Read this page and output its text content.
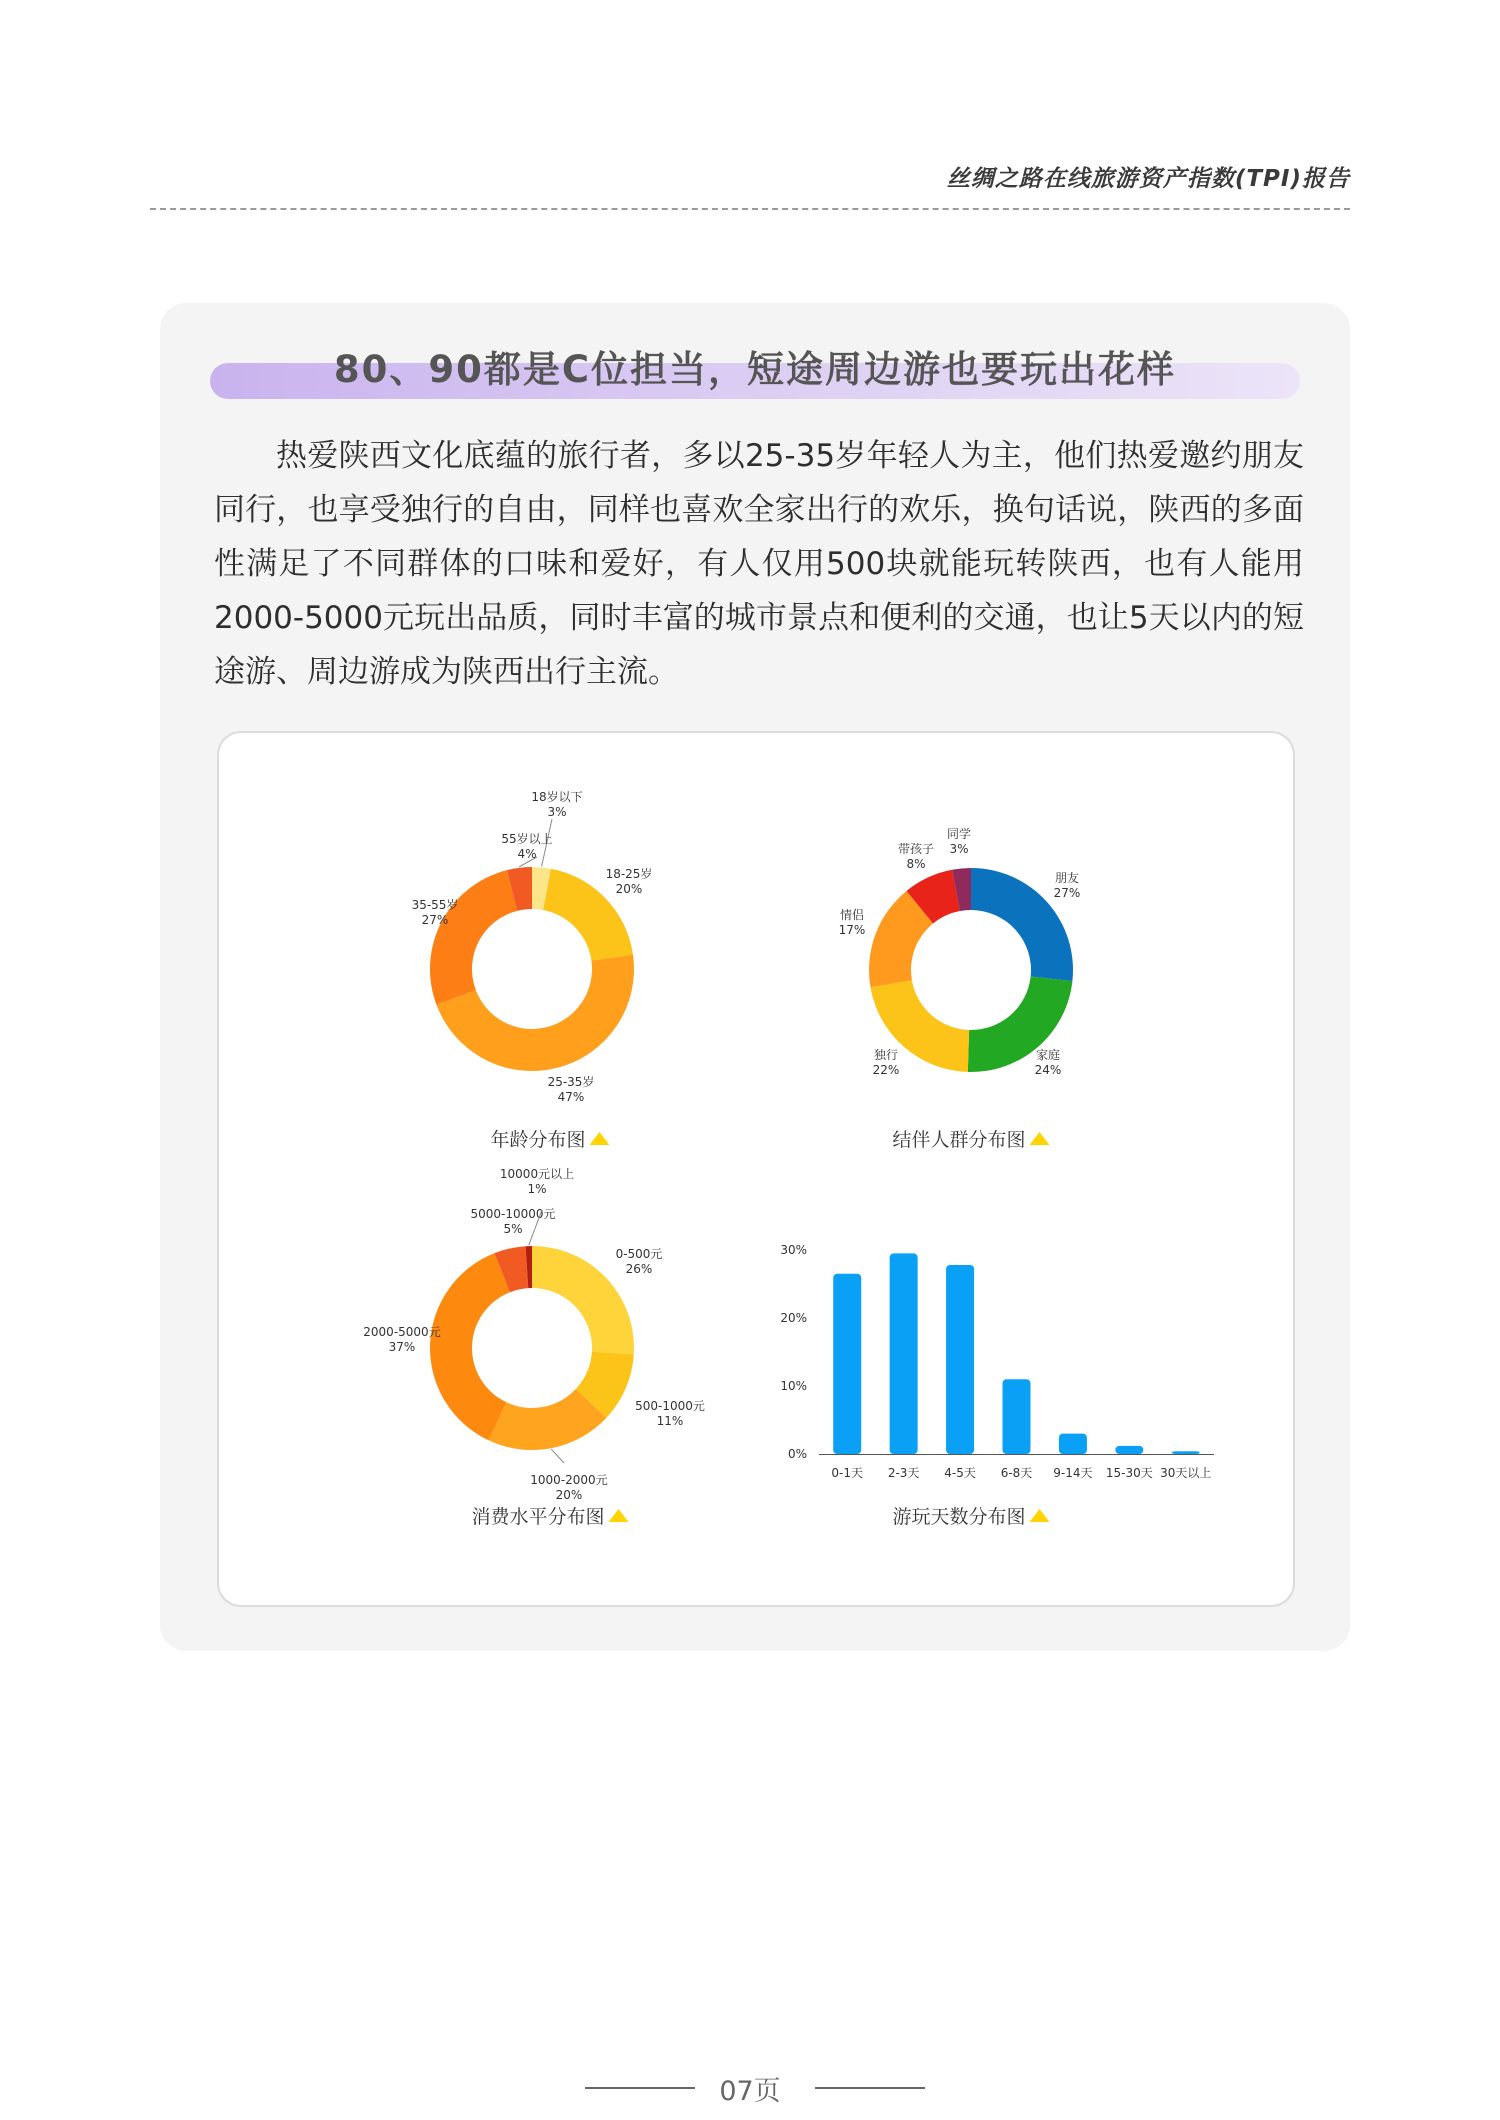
丝绸之路在线旅游资产指数(TPI)报告
80、90都是C位担当，短途周边游也要玩出花样

热爱陕西文化底蕴的旅行者，多以25-35岁年轻人为主，他们热爱邀约朋友同行，也享受独行的自由，同样也喜欢全家出行的欢乐，换句话说，陕西的多面性满足了不同群体的口味和爱好，有人仅用500块就能玩转陕西，也有人能用2000-5000元玩出品质，同时丰富的城市景点和便利的交通，也让5天以内的短途游、周边游成为陕西出行主流。

18岁以下
3%
18-25岁
20%
25-35岁
47%
35-55岁
27%
55岁以上
4%
年龄分布图
朋友
27%
家庭
24%
独行
22%
情侣
17%
带孩子
8%
同学
3%
结伴人群分布图
0-500元
26%
500-1000元
11%
1000-2000元
20%
2000-5000元
37%
5000-10000元
5%
10000元以上
1%
消费水平分布图
0%
10%
20%
30%
0-1天 2-3天 4-5天 6-8天 9-14天 15-30天 30天以上
游玩天数分布图
07页
